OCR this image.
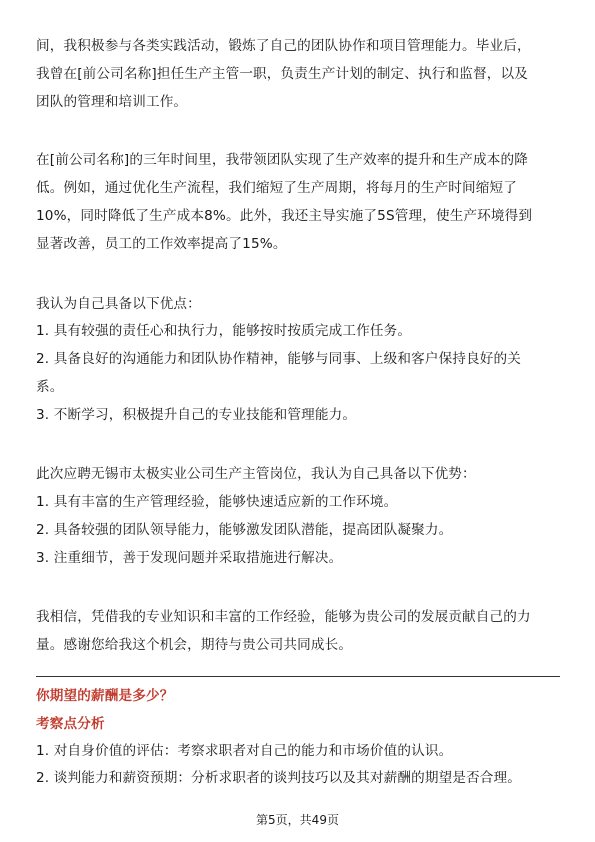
间，我积极参与各类实践活动，锻炼了自己的团队协作和项目管理能力。毕业后，
我曾在[前公司名称]担任生产主管一职，负责生产计划的制定、执行和监督，以及
团队的管理和培训工作。
在[前公司名称]的三年时间里，我带领团队实现了生产效率的提升和生产成本的降
低。例如，通过优化生产流程，我们缩短了生产周期，将每月的生产时间缩短了
10%，同时降低了生产成本8%。此外，我还主导实施了5S管理，使生产环境得到
显著改善，员工的工作效率提高了15%。
我认为自己具备以下优点：
1. 具有较强的责任心和执行力，能够按时按质完成工作任务。
2. 具备良好的沟通能力和团队协作精神，能够与同事、上级和客户保持良好的关
系。
3. 不断学习，积极提升自己的专业技能和管理能力。
此次应聘无锡市太极实业公司生产主管岗位，我认为自己具备以下优势：
1. 具有丰富的生产管理经验，能够快速适应新的工作环境。
2. 具备较强的团队领导能力，能够激发团队潜能，提高团队凝聚力。
3. 注重细节，善于发现问题并采取措施进行解决。
我相信，凭借我的专业知识和丰富的工作经验，能够为贵公司的发展贡献自己的力
量。感谢您给我这个机会，期待与贵公司共同成长。
你期望的薪酬是多少？
考察点分析
1. 对自身价值的评估：考察求职者对自己的能力和市场价值的认识。
2. 谈判能力和薪资预期：分析求职者的谈判技巧以及其对薪酬的期望是否合理。
第5页，共49页
